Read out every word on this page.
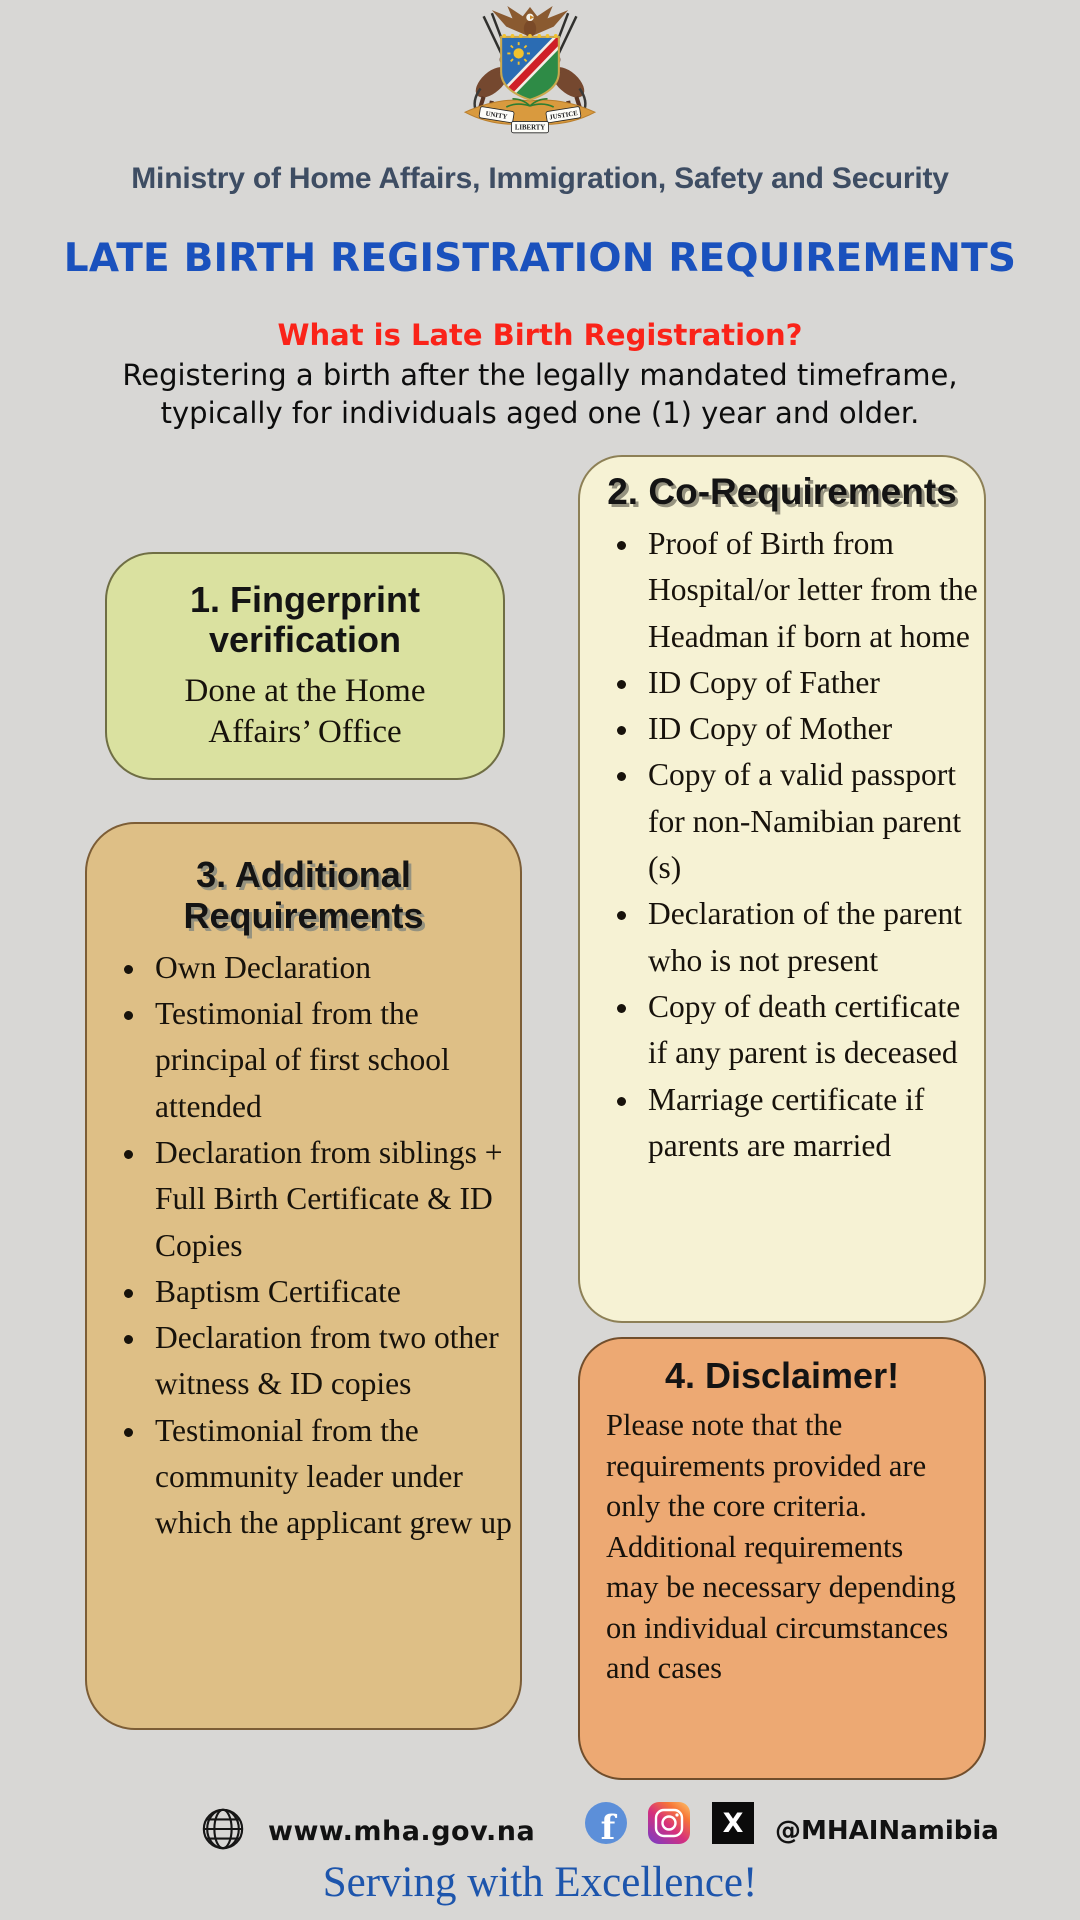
UNITY	JUSTICE
LIBERTY
Ministry of Home Affairs, Immigration, Safety and Security
LATE BIRTH REGISTRATION REQUIREMENTS
What is Late Birth Registration?
Registering a birth after the legally mandated timeframe,
typically for individuals aged one (1) year and older.
1. Fingerprint verification
Done at the Home Affairs’ Office
2. Co-Requirements
• Proof of Birth from Hospital/or letter from the Headman if born at home
• ID Copy of Father
• ID Copy of Mother
• Copy of a valid passport for non-Namibian parent (s)
• Declaration of the parent who is not present
• Copy of death certificate if any parent is deceased
• Marriage certificate if parents are married
3. Additional Requirements
• Own Declaration
• Testimonial from the principal of first school attended
• Declaration from siblings + Full Birth Certificate & ID Copies
• Baptism Certificate
• Declaration from two other witness & ID copies
• Testimonial from the community leader under which the applicant grew up
4. Disclaimer!
Please note that the requirements provided are only the core criteria. Additional requirements may be necessary depending on individual circumstances and cases
www.mha.gov.na f	X @MHAINamibia
Serving with Excellence!
